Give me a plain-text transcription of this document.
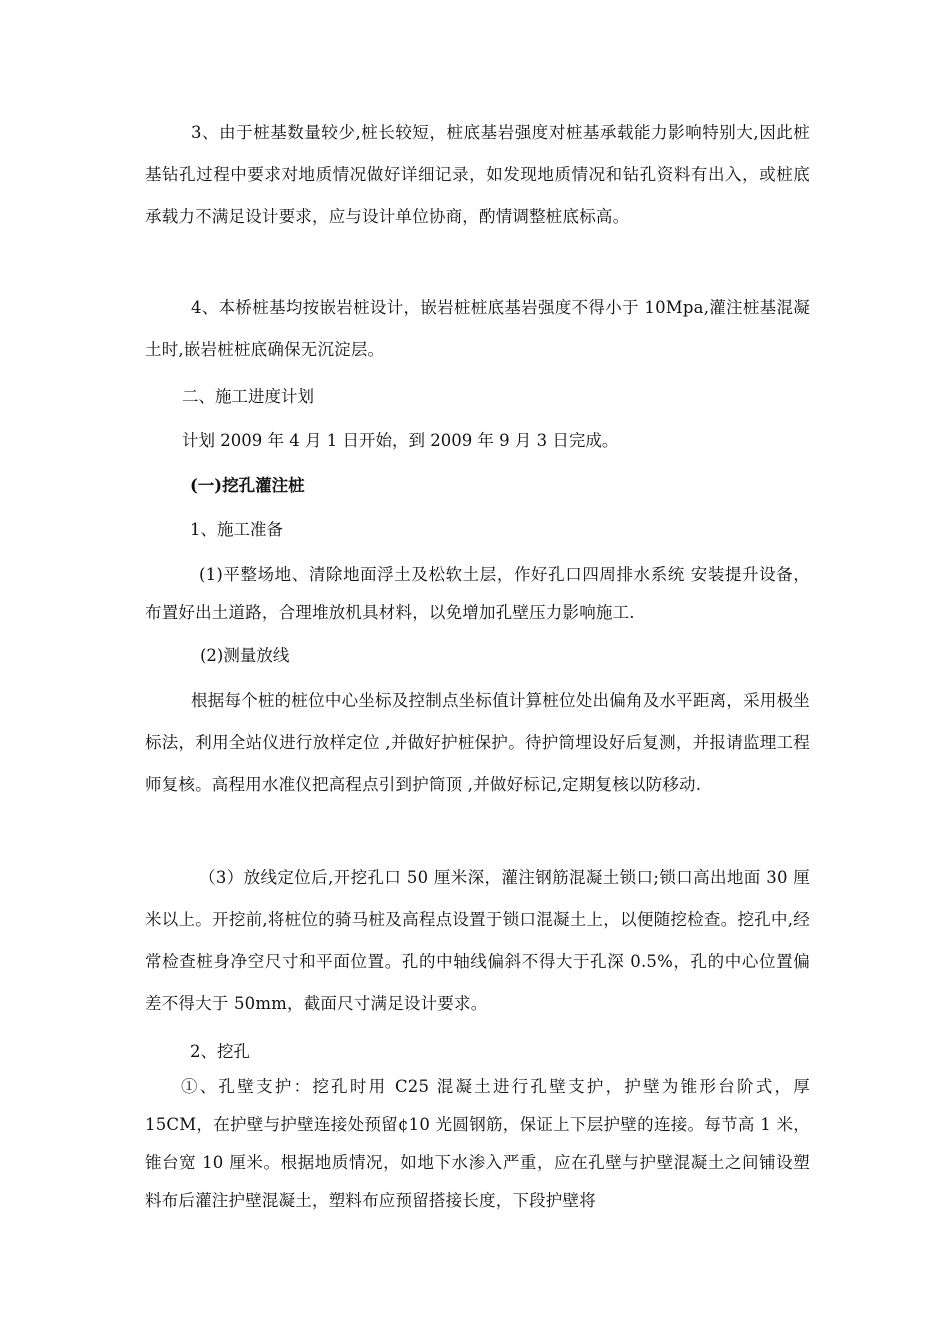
3、由于桩基数量较少,桩长较短，桩底基岩强度对桩基承载能力影响特别大,因此桩基钻孔过程中要求对地质情况做好详细记录，如发现地质情况和钻孔资料有出入，或桩底承载力不满足设计要求，应与设计单位协商，酌情调整桩底标高。

4、本桥桩基均按嵌岩桩设计，嵌岩桩桩底基岩强度不得小于 10Mpa,灌注桩基混凝土时,嵌岩桩桩底确保无沉淀层。

二、施工进度计划
计划 2009 年 4 月 1 日开始，到 2009 年 9 月 3 日完成。
(一)挖孔灌注桩
1、施工准备

(1)平整场地、清除地面浮土及松软土层，作好孔口四周排水系统 安装提升设备，布置好出土道路，合理堆放机具材料，以免增加孔壁压力影响施工.

(2)测量放线

根据每个桩的桩位中心坐标及控制点坐标值计算桩位处出偏角及水平距离，采用极坐标法，利用全站仪进行放样定位 ,并做好护桩保护。待护筒埋设好后复测，并报请监理工程师复核。高程用水准仪把高程点引到护筒顶 ,并做好标记,定期复核以防移动.

（3）放线定位后,开挖孔口 50 厘米深，灌注钢筋混凝土锁口;锁口高出地面 30 厘米以上。开挖前,将桩位的骑马桩及高程点设置于锁口混凝土上，以便随挖检查。挖孔中,经常检查桩身净空尺寸和平面位置。孔的中轴线偏斜不得大于孔深 0.5%，孔的中心位置偏差不得大于 50mm，截面尺寸满足设计要求。

2、挖孔

①、孔壁支护：挖孔时用 C25 混凝土进行孔壁支护，护壁为锥形台阶式，厚 15CM，在护壁与护壁连接处预留¢10 光圆钢筋，保证上下层护壁的连接。每节高 1 米，锥台宽 10 厘米。根据地质情况，如地下水渗入严重，应在孔壁与护壁混凝土之间铺设塑料布后灌注护壁混凝土，塑料布应预留搭接长度，下段护壁将
